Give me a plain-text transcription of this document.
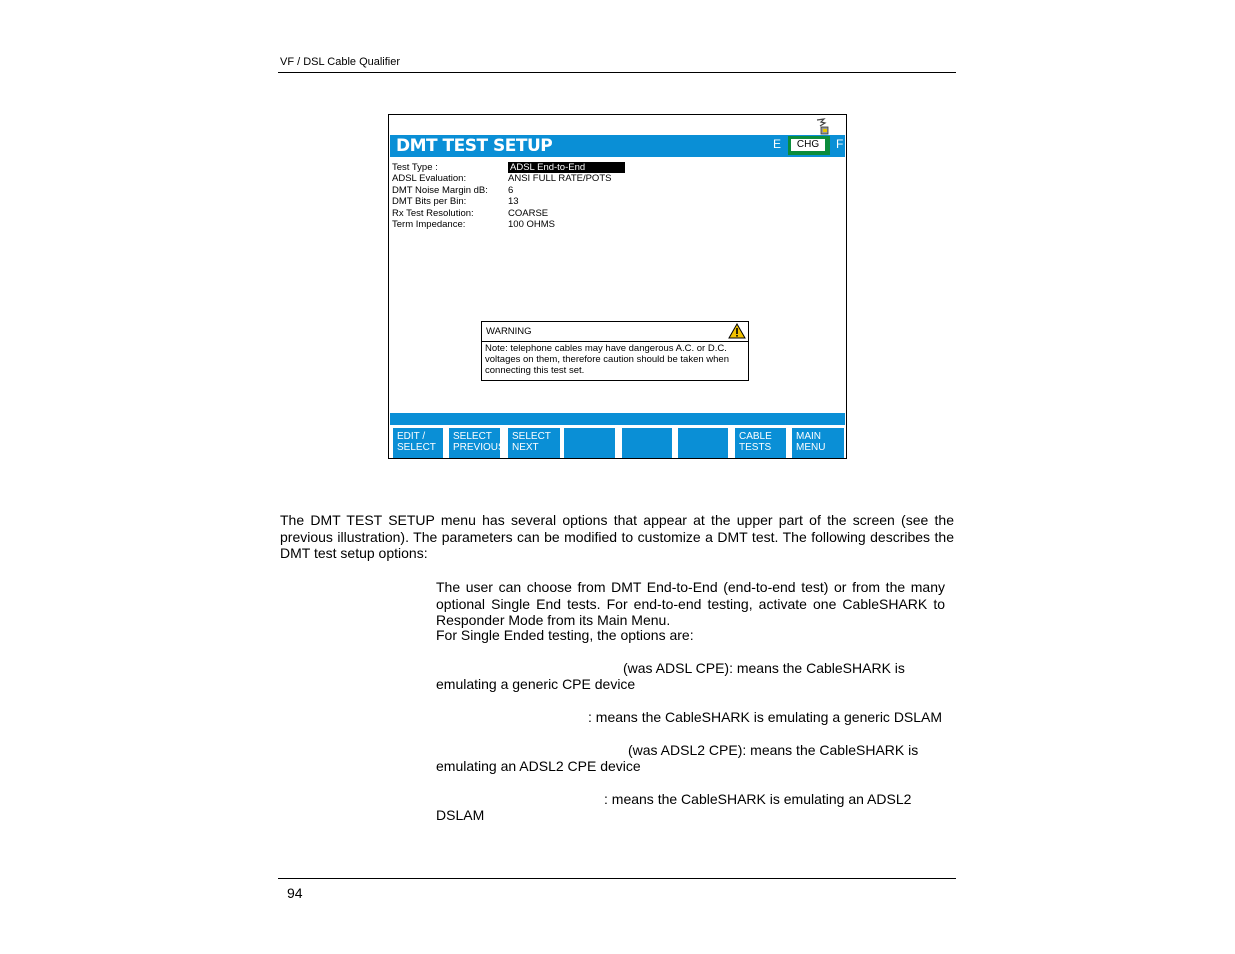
VF / DSL Cable Qualifier
DMT TEST SETUP	E	CHG	F
Test Type :	ADSL End-to-End
ADSL Evaluation:	ANSI FULL RATE/POTS
DMT Noise Margin dB: 6
DMT Bits per Bin:	13
Rx Test Resolution:	COARSE
Term Impedance:	100 OHMS
WARNING
Note: telephone cables may have dangerous A.C. or D.C. voltages on them, therefore caution should be taken when connecting this test set.
EDIT /
SELECT
SELECT
PREVIOUS
SELECT
NEXT
CABLE
TESTS
MAIN
MENU
The DMT TEST SETUP menu has several options that appear at the upper part of the screen (see the previous illustration). The parameters can be modified to customize a DMT test. The following describes the DMT test setup options:
The user can choose from DMT End-to-End (end-to-end test) or from the many optional Single End tests. For end-to-end testing, activate one CableSHARK to Responder Mode from its Main Menu.
For Single Ended testing, the options are:
(was ADSL CPE): means the CableSHARK is
emulating a generic CPE device
: means the CableSHARK is emulating a generic DSLAM
(was ADSL2 CPE): means the CableSHARK is
emulating an ADSL2 CPE device
: means the CableSHARK is emulating an ADSL2
DSLAM
94
